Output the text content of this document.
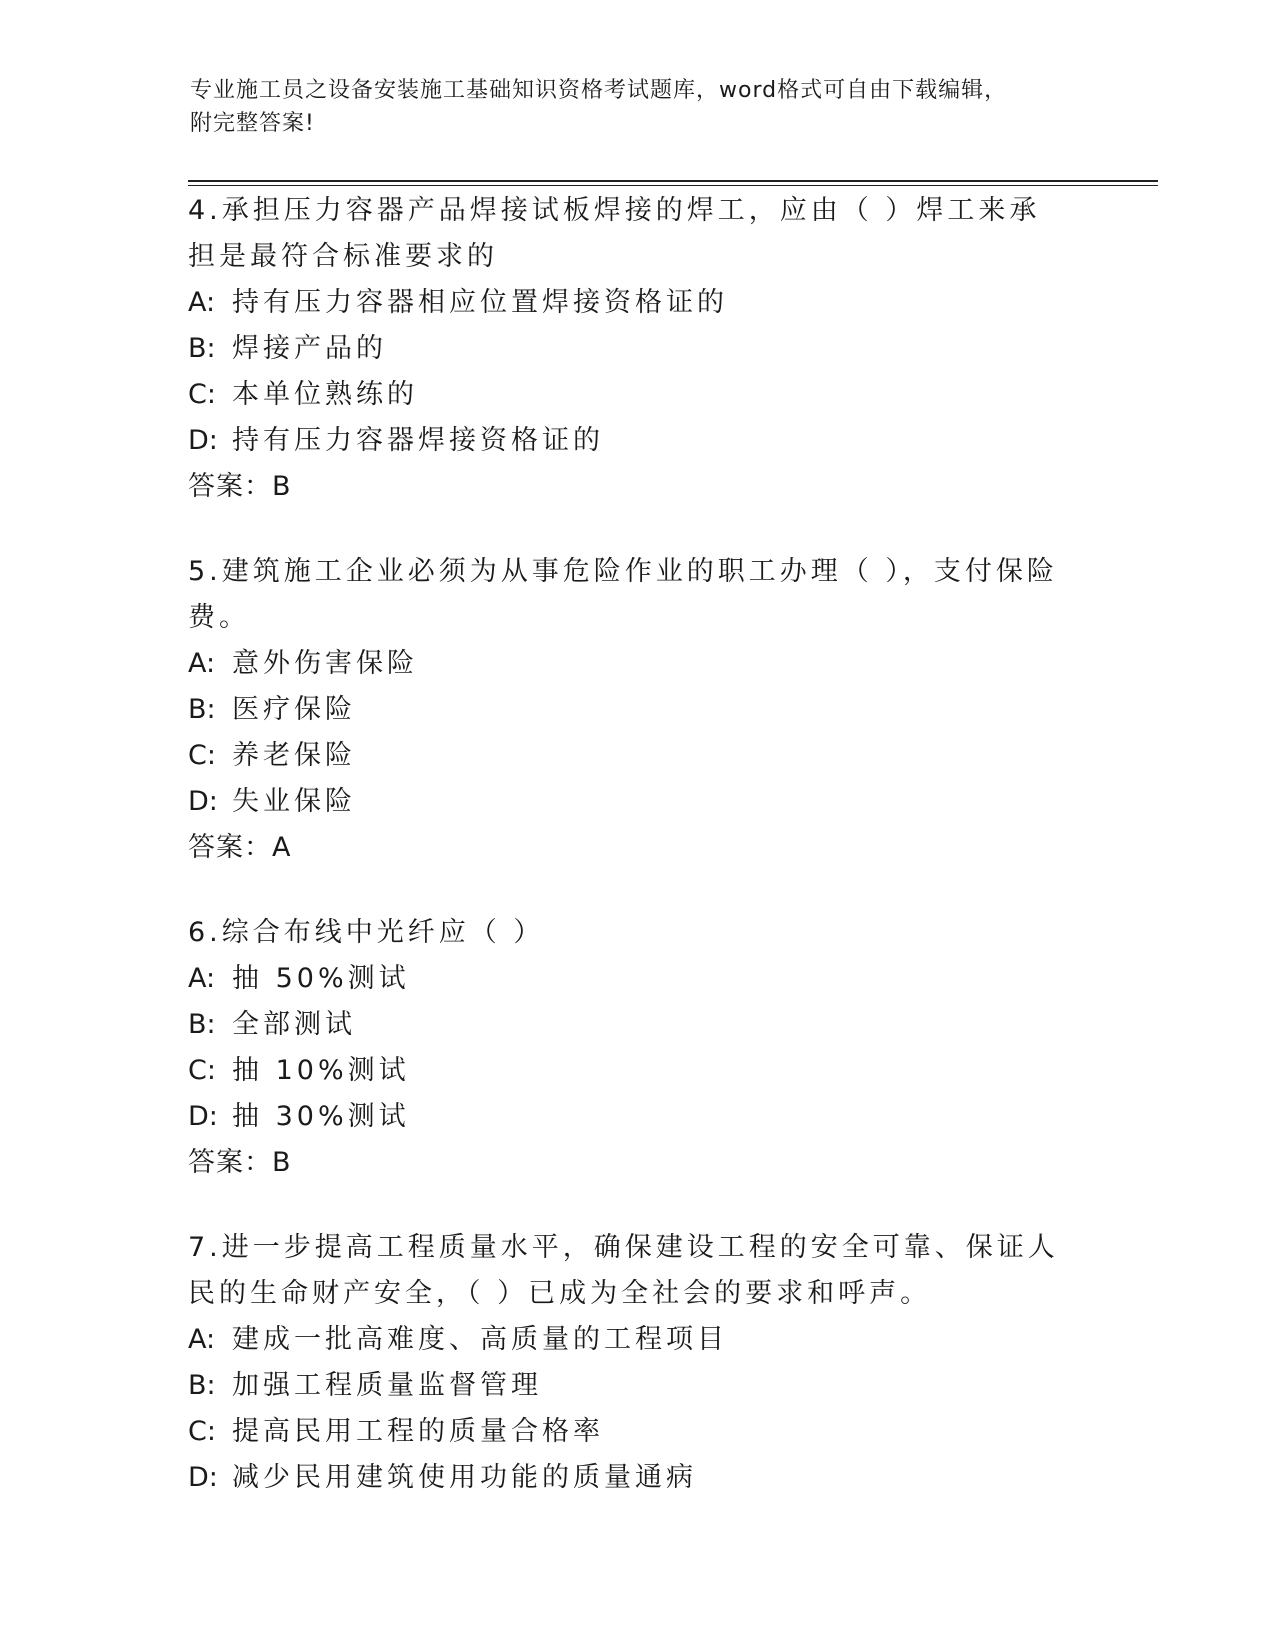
专业施工员之设备安装施工基础知识资格考试题库，word格式可自由下载编辑，
附完整答案!
4.承担压力容器产品焊接试板焊接的焊工，应由（ ）焊工来承担是最符合标准要求的
A: 持有压力容器相应位置焊接资格证的
B: 焊接产品的
C: 本单位熟练的
D: 持有压力容器焊接资格证的
答案：B
5.建筑施工企业必须为从事危险作业的职工办理（ ），支付保险费。
A: 意外伤害保险
B: 医疗保险
C: 养老保险
D: 失业保险
答案：A
6.综合布线中光纤应（ ）
A: 抽 50%测试
B: 全部测试
C: 抽 10%测试
D: 抽 30%测试
答案：B
7.进一步提高工程质量水平，确保建设工程的安全可靠、保证人民的生命财产安全，（ ）已成为全社会的要求和呼声。
A: 建成一批高难度、高质量的工程项目
B: 加强工程质量监督管理
C: 提高民用工程的质量合格率
D: 减少民用建筑使用功能的质量通病
